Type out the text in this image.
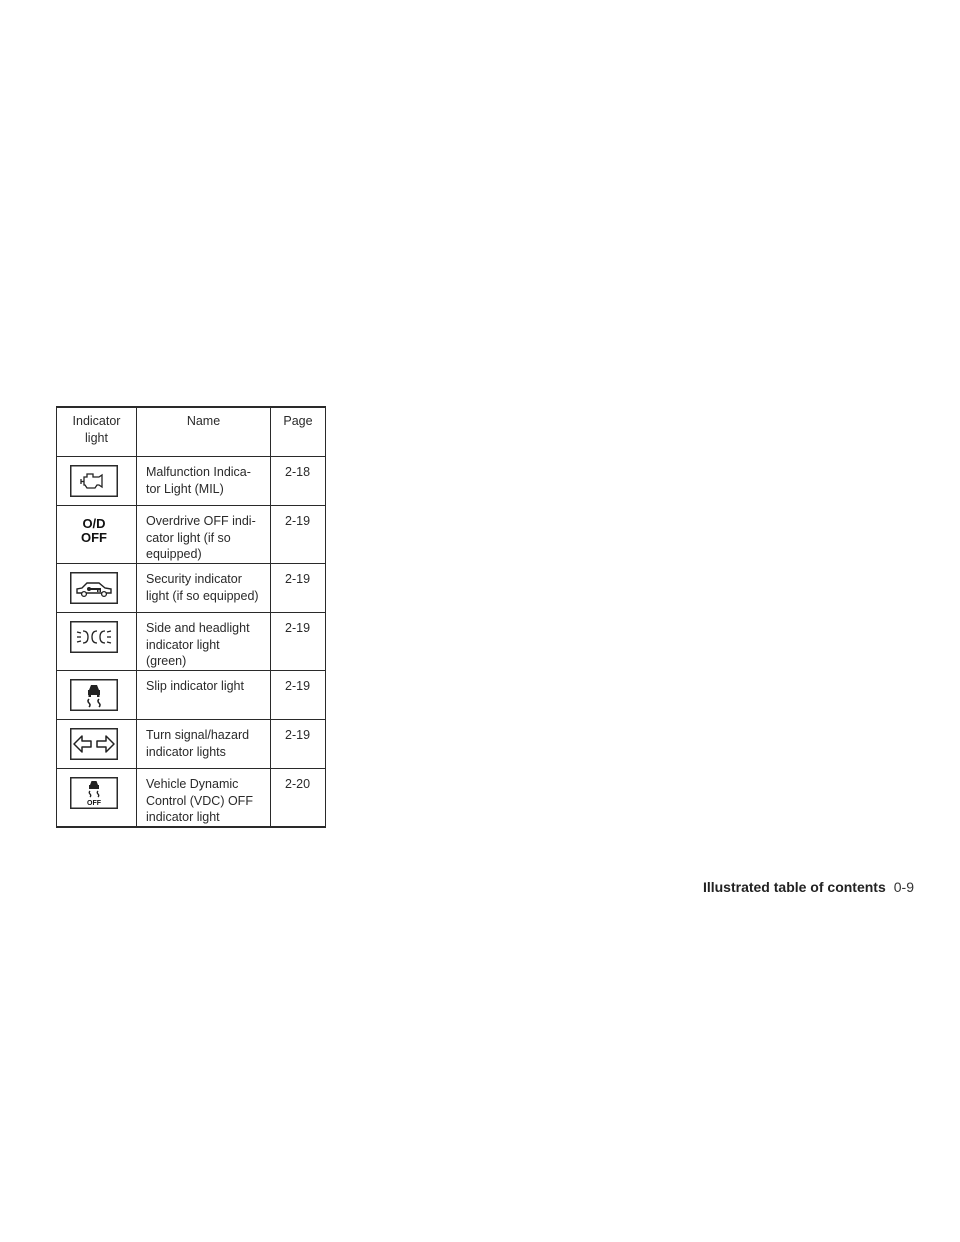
Indicator
light	Name	Page

	Malfunction Indica-
tor Light (MIL)	2-18

O/D
OFF	Overdrive OFF indi-
cator light (if so
equipped)	2-19

	Security indicator
light (if so equipped)	2-19

	Side and headlight
indicator light
(green)	2-19

	Slip indicator light	2-19

	Turn signal/hazard
indicator lights	2-19

OFF	Vehicle Dynamic
Control (VDC) OFF
indicator light	2-20
Illustrated table of contents 0-9
